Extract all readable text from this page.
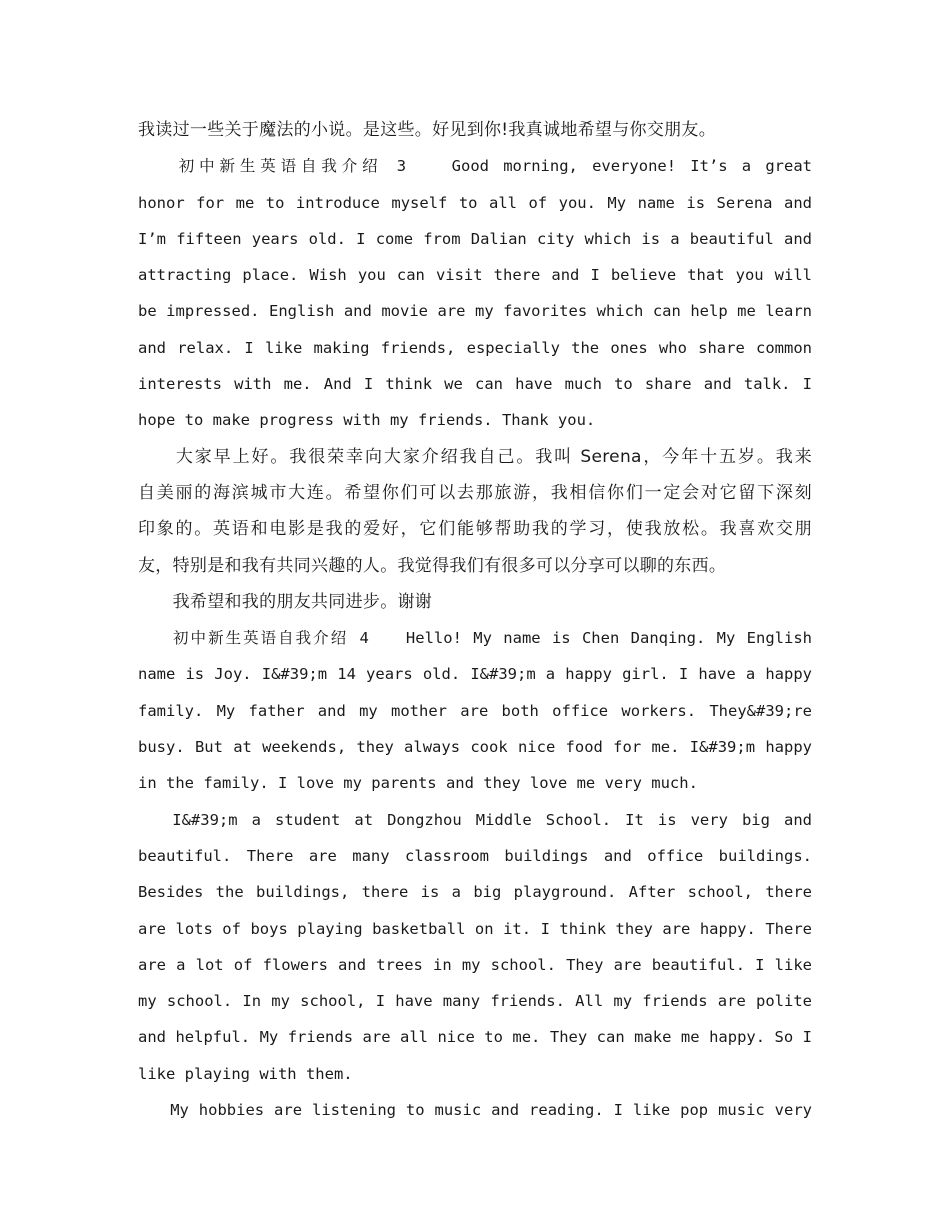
我读过一些关于魔法的小说。是这些。好见到你!我真诚地希望与你交朋友。
　　初中新生英语自我介绍 3　　Good morning, everyone! It’s a great
honor for me to introduce myself to all of you. My name is Serena and
I’m fifteen years old. I come from Dalian city which is a beautiful and
attracting place. Wish you can visit there and I believe that you will
be impressed. English and movie are my favorites which can help me learn
and relax. I like making friends, especially the ones who share common
interests with me. And I think we can have much to share and talk. I
hope to make progress with my friends. Thank you.
　　大家早上好。我很荣幸向大家介绍我自己。我叫 Serena，今年十五岁。我来
自美丽的海滨城市大连。希望你们可以去那旅游，我相信你们一定会对它留下深刻
印象的。英语和电影是我的爱好，它们能够帮助我的学习，使我放松。我喜欢交朋
友，特别是和我有共同兴趣的人。我觉得我们有很多可以分享可以聊的东西。
　　我希望和我的朋友共同进步。谢谢
　　初中新生英语自我介绍 4　　Hello! My name is Chen Danqing. My English
name is Joy. I&#39;m 14 years old. I&#39;m a happy girl. I have a happy
family. My father and my mother are both office workers. They&#39;re
busy. But at weekends, they always cook nice food for me. I&#39;m happy
in the family. I love my parents and they love me very much.
　 I&#39;m a student at Dongzhou Middle School. It is very big and
beautiful. There are many classroom buildings and office buildings.
Besides the buildings, there is a big playground. After school, there
are lots of boys playing basketball on it. I think they are happy. There
are a lot of flowers and trees in my school. They are beautiful. I like
my school. In my school, I have many friends. All my friends are polite
and helpful. My friends are all nice to me. They can make me happy. So I
like playing with them.
　　My hobbies are listening to music and reading. I like pop music very
